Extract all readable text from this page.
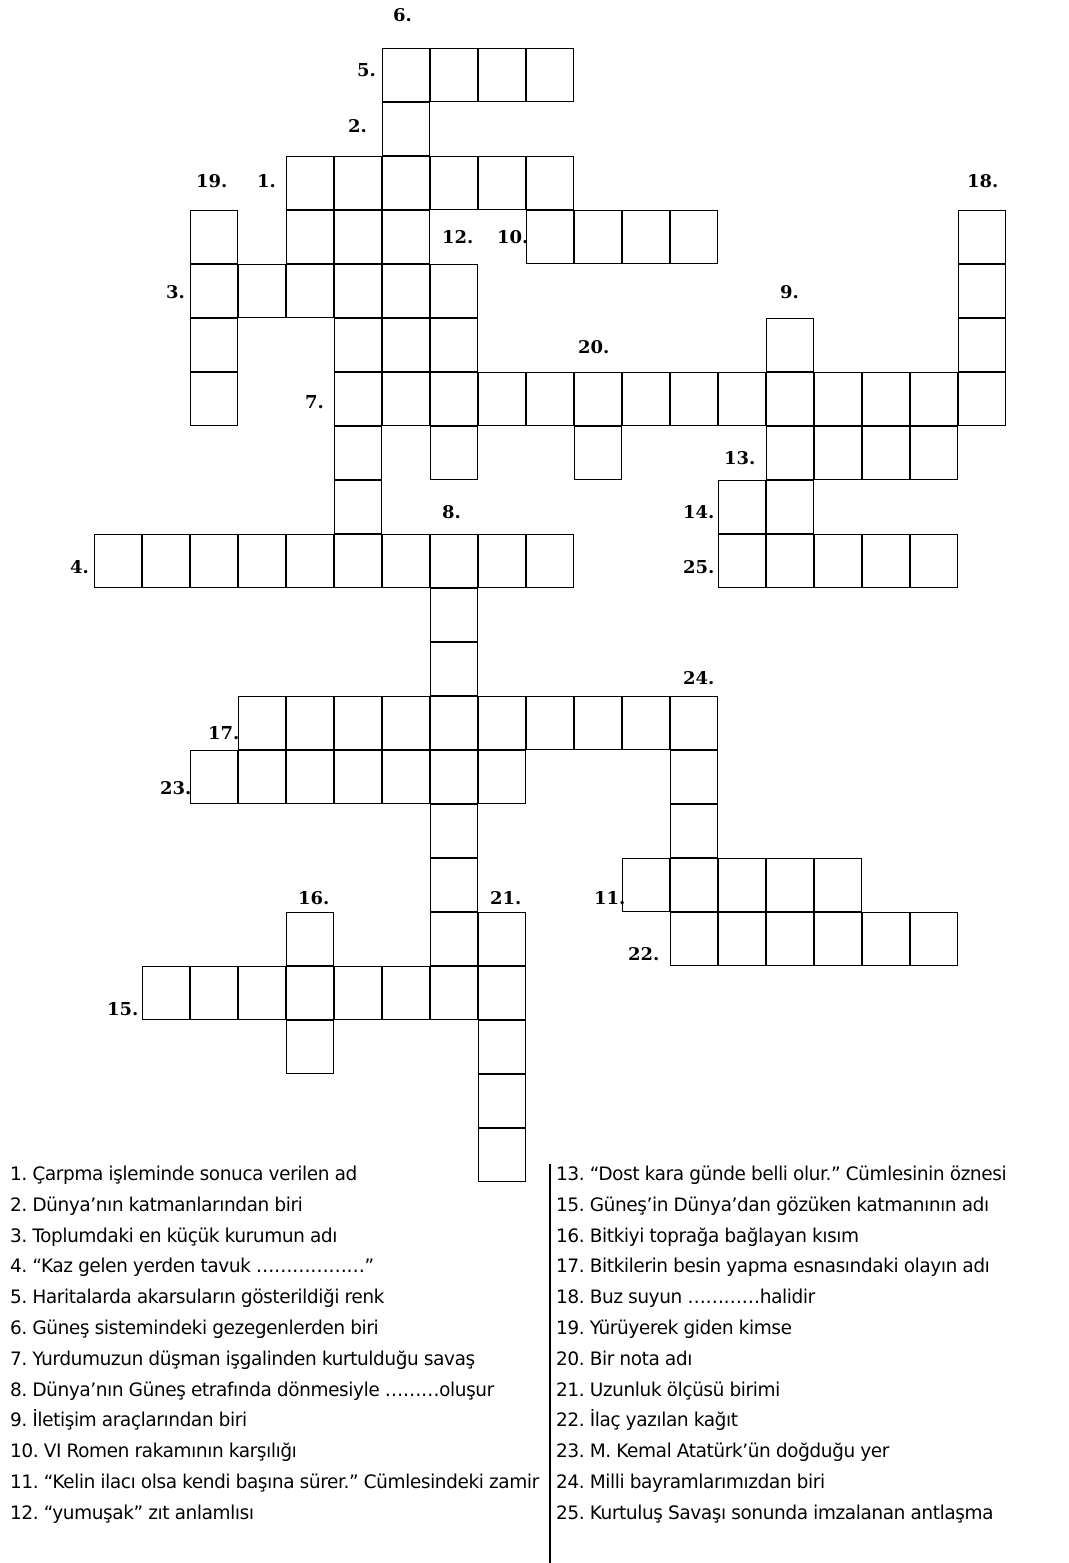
6.
5.
2.
19. 1.	18.
12. 10.
3.	9.
20.
7.
13.
8.	14.
4.	25.
24.
17.
23.
16.	21.	11.
22.
15.
1. Çarpma işleminde sonuca verilen ad
2. Dünya’nın katmanlarından biri
3. Toplumdaki en küçük kurumun adı
4. “Kaz gelen yerden tavuk ………………”
5. Haritalarda akarsuların gösterildiği renk
6. Güneş sistemindeki gezegenlerden biri
7. Yurdumuzun düşman işgalinden kurtulduğu savaş
8. Dünya’nın Güneş etrafında dönmesiyle ………oluşur
9. İletişim araçlarından biri
10. VI Romen rakamının karşılığı
11. “Kelin ilacı olsa kendi başına sürer.” Cümlesindeki zamir
12. “yumuşak” zıt anlamlısı
13. “Dost kara günde belli olur.” Cümlesinin öznesi
15. Güneş’in Dünya’dan gözüken katmanının adı
16. Bitkiyi toprağa bağlayan kısım
17. Bitkilerin besin yapma esnasındaki olayın adı
18. Buz suyun …………halidir
19. Yürüyerek giden kimse
20. Bir nota adı
21. Uzunluk ölçüsü birimi
22. İlaç yazılan kağıt
23. M. Kemal Atatürk’ün doğduğu yer
24. Milli bayramlarımızdan biri
25. Kurtuluş Savaşı sonunda imzalanan antlaşma
